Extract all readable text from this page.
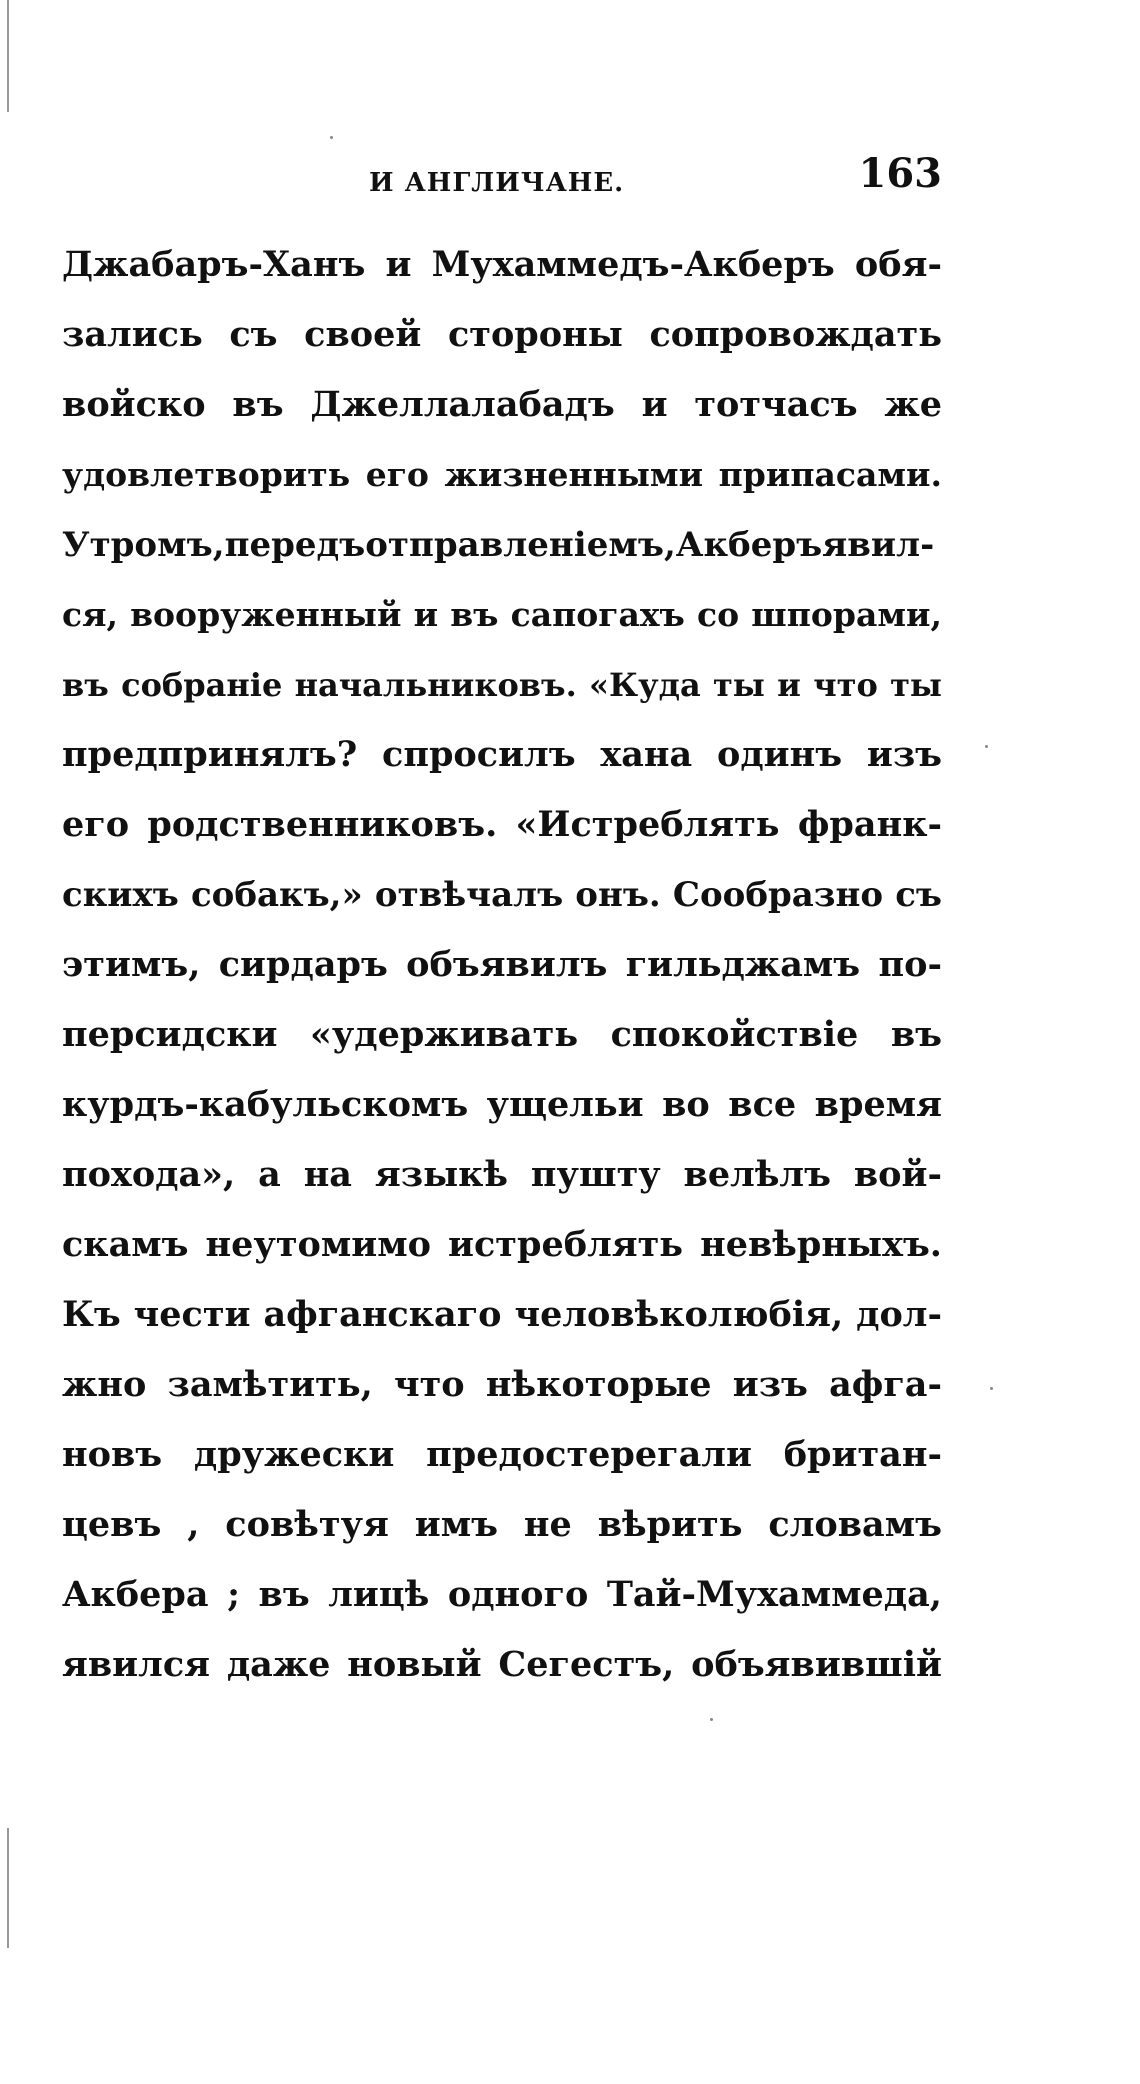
И АНГЛИЧАНЕ.	163
Джабаръ-Ханъ и Мухаммедъ-Акберъ обя-
зались съ своей стороны сопровождать
войско въ Джеллалабадъ и тотчасъ же
удовлетворить его жизненными припасами.
Утромъ,передъотправленіемъ,Акберъявил-
ся, вооруженный и въ сапогахъ со шпорами,
въ собраніе начальниковъ. «Куда ты и что ты
предпринялъ? спросилъ хана одинъ изъ
его родственниковъ. «Истреблять франк-
скихъ собакъ,» отвѣчалъ онъ. Сообразно съ
этимъ, сирдаръ объявилъ гильджамъ по-
персидски «удерживать спокойствіе въ
курдъ-кабульскомъ ущельи во все время
похода», а на языкѣ пушту велѣлъ вой-
скамъ неутомимо истреблять невѣрныхъ.
Къ чести афганскаго человѣколюбія, дол-
жно замѣтить, что нѣкоторые изъ афга-
новъ дружески предостерегали британ-
цевъ , совѣтуя имъ не вѣрить словамъ
Акбера ; въ лицѣ одного Тай-Мухаммеда,
явился даже новый Сегестъ, объявившій
